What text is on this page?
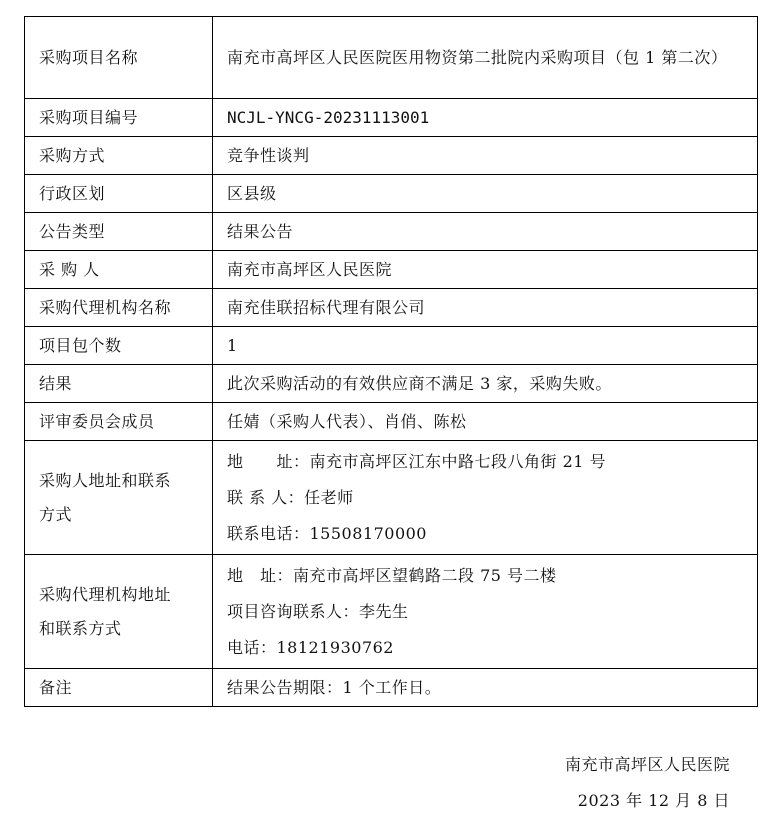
采购项目名称	南充市高坪区人民医院医用物资第二批院内采购项目（包 1 第二次）
采购项目编号	NCJL-YNCG-20231113001
采购方式	竞争性谈判
行政区划	区县级
公告类型	结果公告
采 购 人	南充市高坪区人民医院
采购代理机构名称	南充佳联招标代理有限公司
项目包个数	1
结果	此次采购活动的有效供应商不满足 3 家，采购失败。
评审委员会成员	任婧（采购人代表）、肖俏、陈松

采购人地址和联系
方式	地　　址：南充市高坪区江东中路七段八角街 21 号
联 系 人：任老师
联系电话：15508170000

采购代理机构地址
和联系方式	地　址：南充市高坪区望鹤路二段 75 号二楼
项目咨询联系人：李先生
电话：18121930762

备注	结果公告期限：1 个工作日。
南充市高坪区人民医院
2023 年 12 月 8 日
